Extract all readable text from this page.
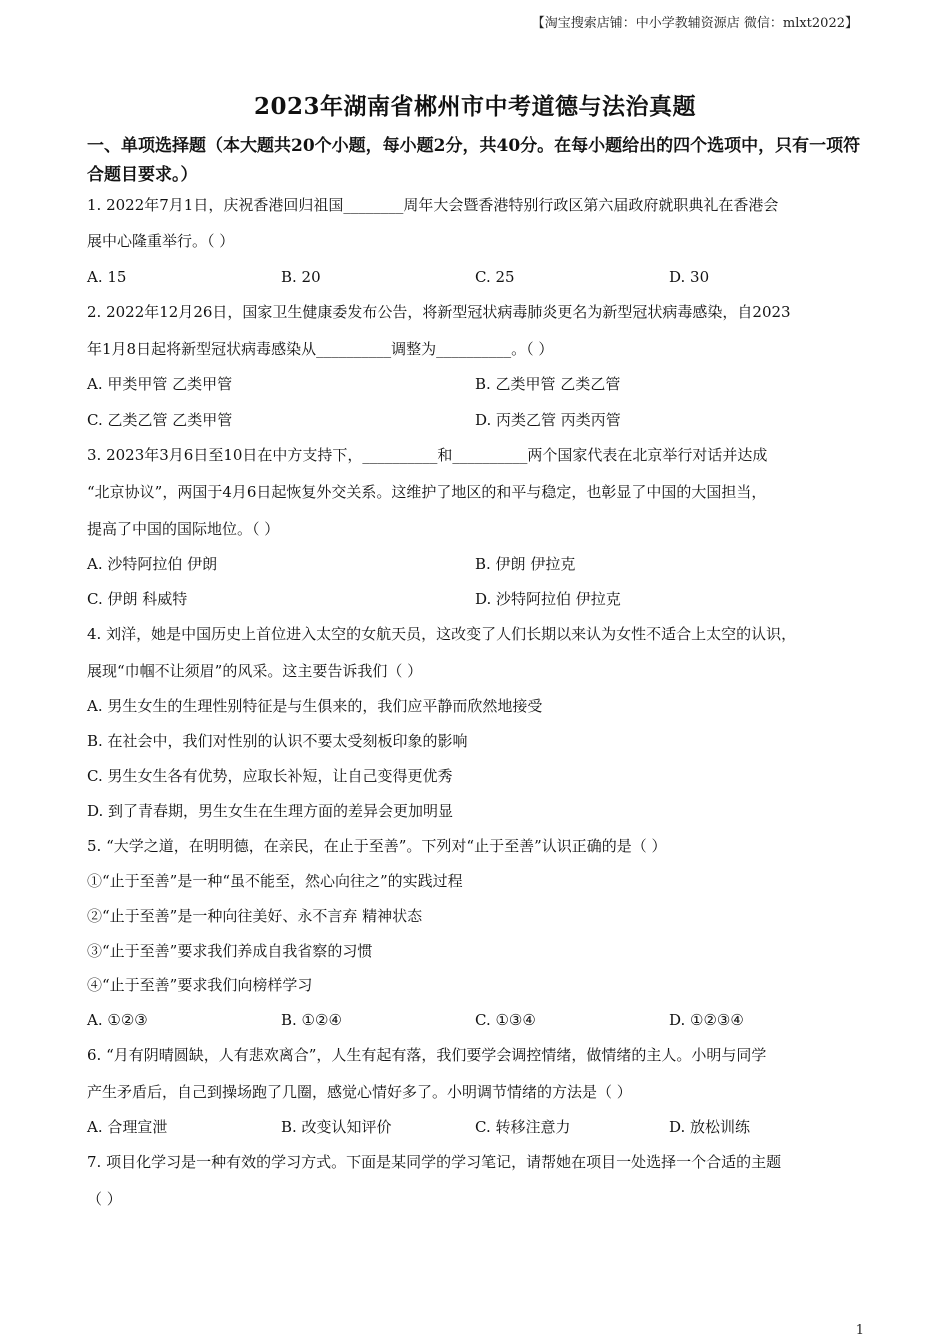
【淘宝搜索店铺：中小学教辅资源店 微信：mlxt2022】
2023年湖南省郴州市中考道德与法治真题
一、单项选择题（本大题共20个小题，每小题2分，共40分。在每小题给出的四个选项中，只有一项符合题目要求。）
1. 2022年7月1日，庆祝香港回归祖国________周年大会暨香港特别行政区第六届政府就职典礼在香港会
展中心隆重举行。（ ）
A. 15	B. 20	C. 25	D. 30
2. 2022年12月26日，国家卫生健康委发布公告，将新型冠状病毒肺炎更名为新型冠状病毒感染，自2023
年1月8日起将新型冠状病毒感染从__________调整为__________。（ ）
A. 甲类甲管 乙类甲管	B. 乙类甲管 乙类乙管
C. 乙类乙管 乙类甲管	D. 丙类乙管 丙类丙管
3. 2023年3月6日至10日在中方支持下，__________和__________两个国家代表在北京举行对话并达成
“北京协议”，两国于4月6日起恢复外交关系。这维护了地区的和平与稳定，也彰显了中国的大国担当，
提高了中国的国际地位。（ ）
A. 沙特阿拉伯 伊朗	B. 伊朗 伊拉克
C. 伊朗 科威特	D. 沙特阿拉伯 伊拉克
4. 刘洋，她是中国历史上首位进入太空的女航天员，这改变了人们长期以来认为女性不适合上太空的认识，
展现“巾帼不让须眉”的风采。这主要告诉我们（ ）
A. 男生女生的生理性别特征是与生俱来的，我们应平静而欣然地接受
B. 在社会中，我们对性别的认识不要太受刻板印象的影响
C. 男生女生各有优势，应取长补短，让自己变得更优秀
D. 到了青春期，男生女生在生理方面的差异会更加明显
5. “大学之道，在明明德，在亲民，在止于至善”。下列对“止于至善”认识正确的是（ ）
①“止于至善”是一种“虽不能至，然心向往之”的实践过程
②“止于至善”是一种向往美好、永不言弃 精神状态
③“止于至善”要求我们养成自我省察的习惯
④“止于至善”要求我们向榜样学习
A. ①②③	B. ①②④	C. ①③④	D. ①②③④
6. “月有阴晴圆缺，人有悲欢离合”，人生有起有落，我们要学会调控情绪，做情绪的主人。小明与同学
产生矛盾后，自己到操场跑了几圈，感觉心情好多了。小明调节情绪的方法是（ ）
A. 合理宣泄	B. 改变认知评价	C. 转移注意力	D. 放松训练
7. 项目化学习是一种有效的学习方式。下面是某同学的学习笔记，请帮她在项目一处选择一个合适的主题
（ ）
1
